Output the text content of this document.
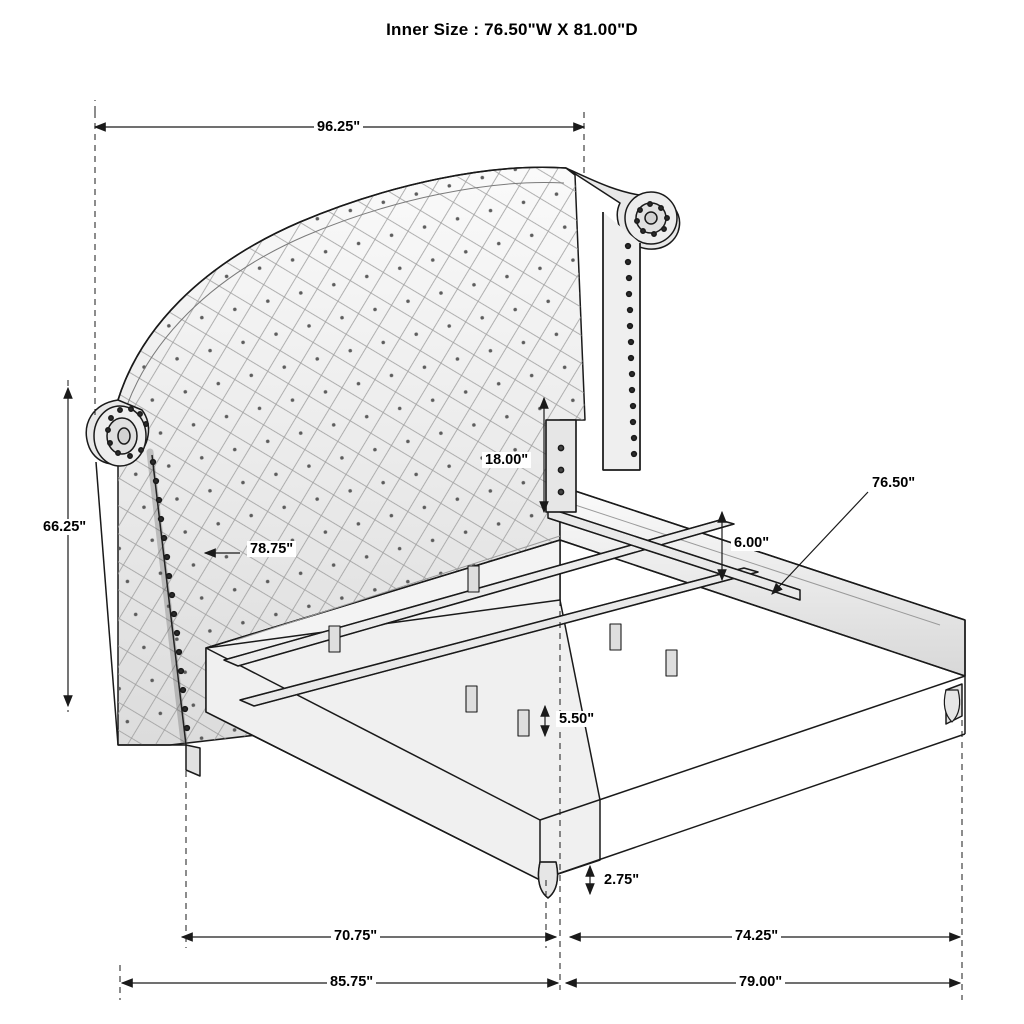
Inner Size : 76.50"W X 81.00"D
96.25"
66.25"
18.00"
78.75"	6.00"
76.50"
5.50"
2.75"
70.75"	74.25"
85.75"	79.00"
